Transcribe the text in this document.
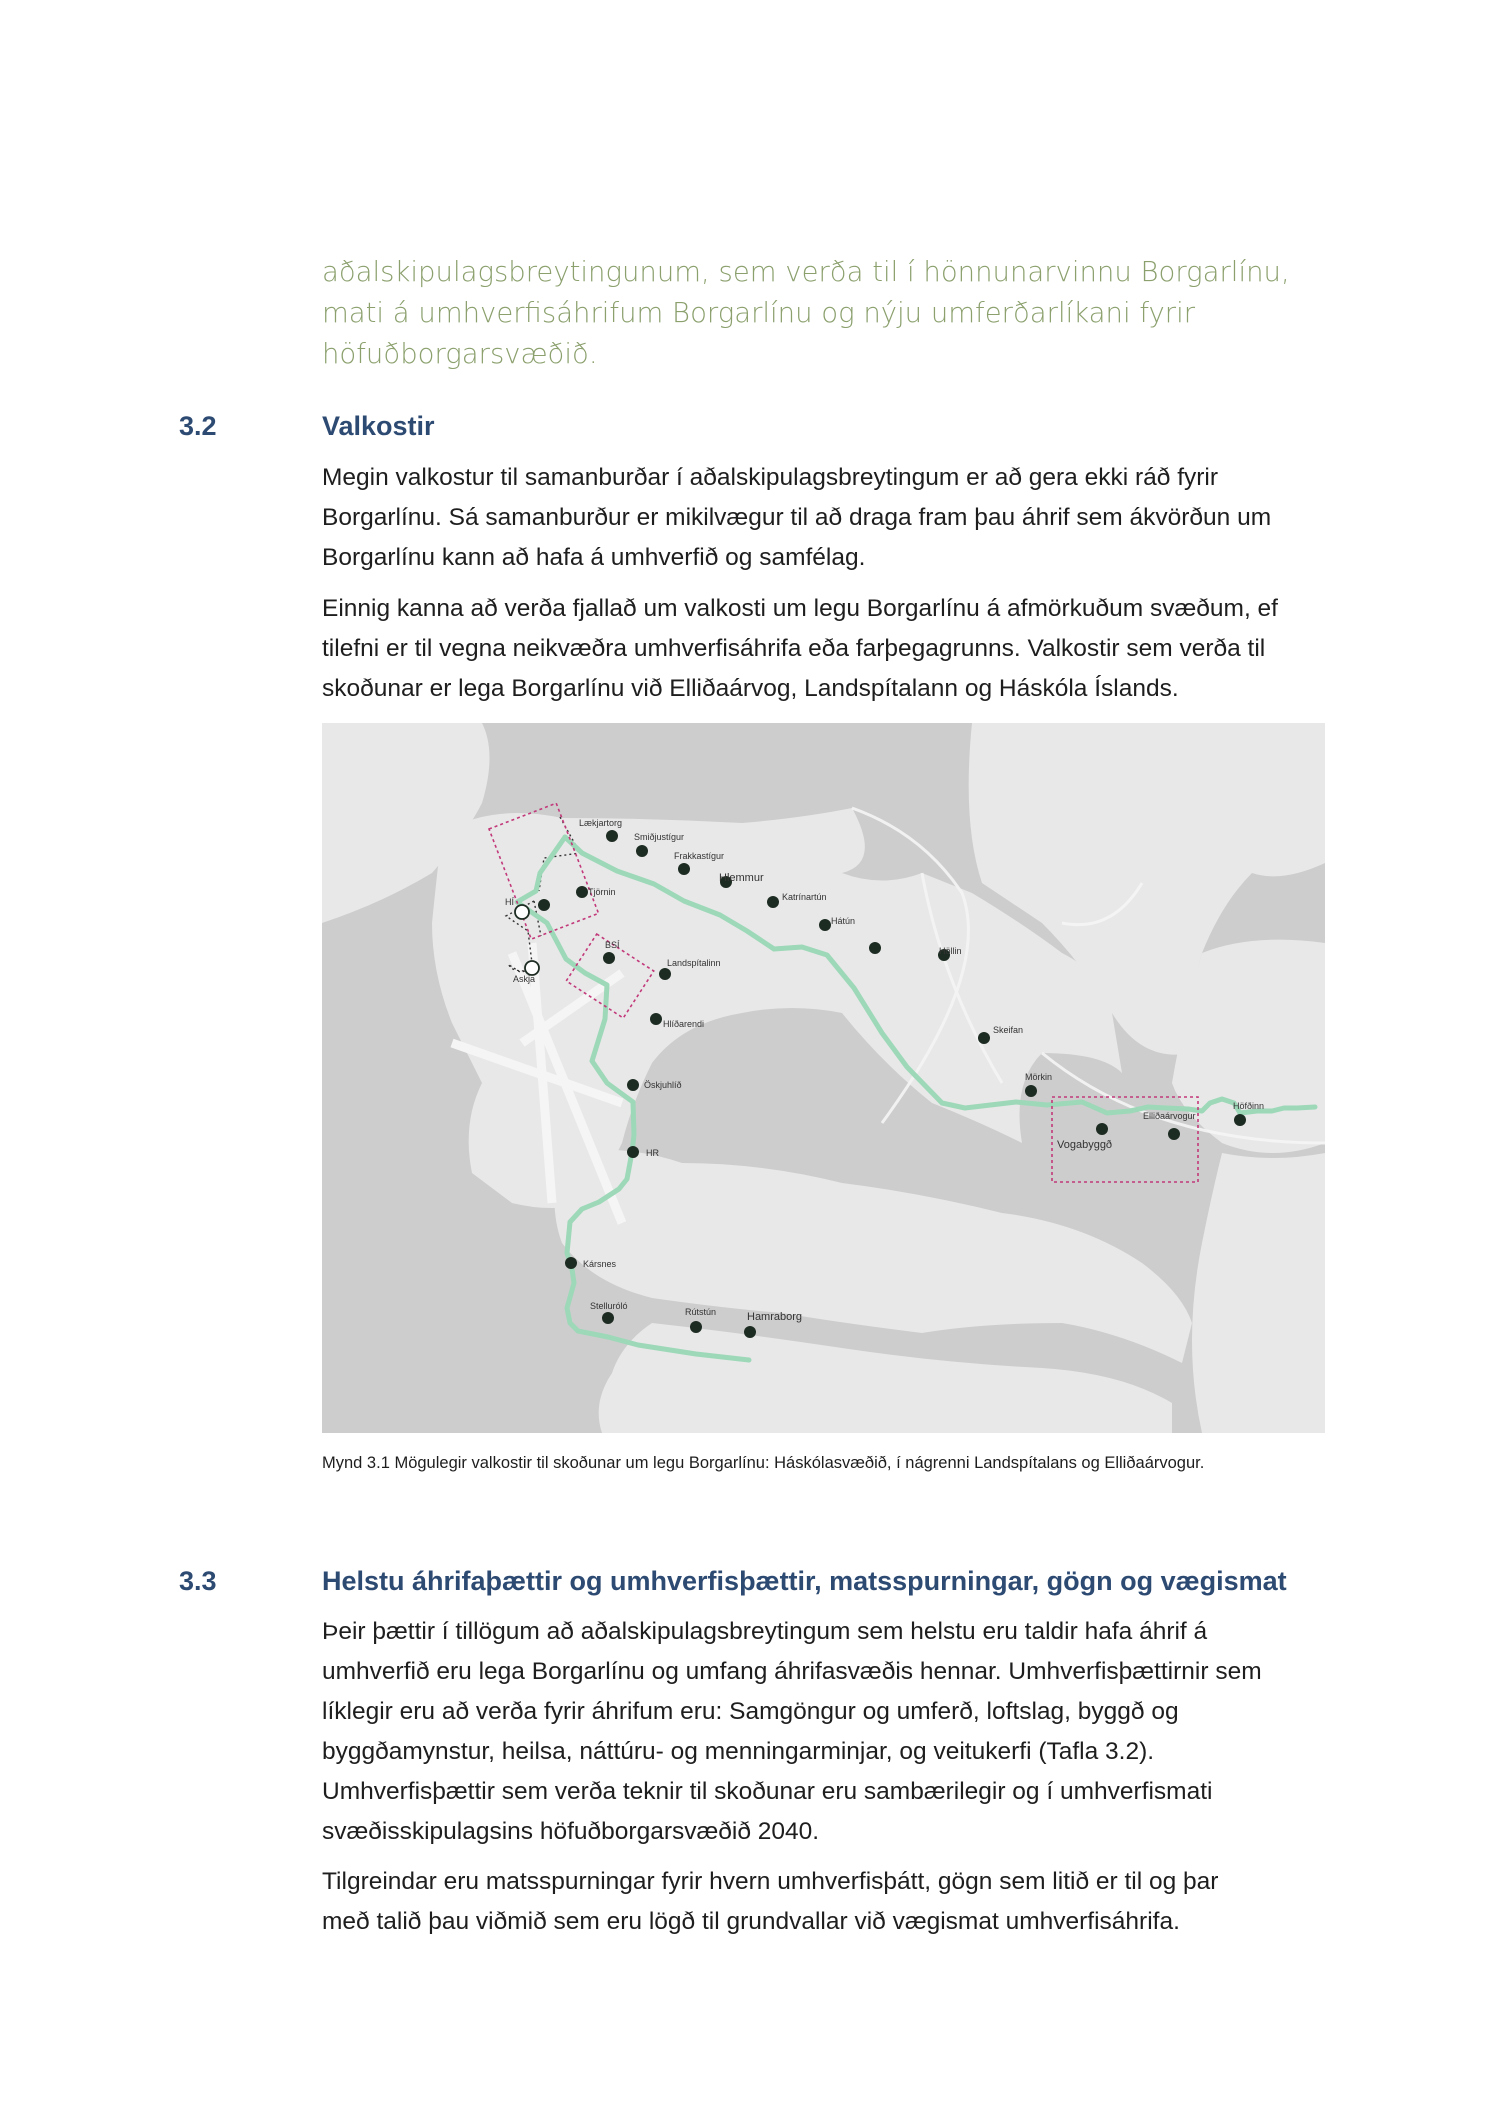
aðalskipulagsbreytingunum, sem verða til í hönnunarvinnu Borgarlínu,
mati á umhverfisáhrifum Borgarlínu og nýju umferðarlíkani fyrir
höfuðborgarsvæðið.
3.2	Valkostir
Megin valkostur til samanburðar í aðalskipulagsbreytingum er að gera ekki ráð fyrir
Borgarlínu. Sá samanburður er mikilvægur til að draga fram þau áhrif sem ákvörðun um
Borgarlínu kann að hafa á umhverfið og samfélag.
Einnig kanna að verða fjallað um valkosti um legu Borgarlínu á afmörkuðum svæðum, ef
tilefni er til vegna neikvæðra umhverfisáhrifa eða farþegagrunns. Valkostir sem verða til
skoðunar er lega Borgarlínu við Elliðaárvog, Landspítalann og Háskóla Íslands.
Lækjartorg
Smiðjustígur
Frakkastígur
Hlemmur
Katrínartún
Hátún
Höllin
Skeifan
Mörkin
Vogabyggð
Elliðaárvogur
Höfðinn
Tjörnin
HÍ
Askja
BSÍ
Landspítalinn
Hlíðarendi
Öskjuhlíð
HR
Kársnes
Stelluróló
Rútstún	Hamraborg
Mynd 3.1 Mögulegir valkostir til skoðunar um legu Borgarlínu: Háskólasvæðið, í nágrenni Landspítalans og Elliðaárvogur.
3.3	Helstu áhrifaþættir og umhverfisþættir, matsspurningar, gögn og vægismat
Þeir þættir í tillögum að aðalskipulagsbreytingum sem helstu eru taldir hafa áhrif á
umhverfið eru lega Borgarlínu og umfang áhrifasvæðis hennar. Umhverfisþættirnir sem
líklegir eru að verða fyrir áhrifum eru: Samgöngur og umferð, loftslag, byggð og
byggðamynstur, heilsa, náttúru- og menningarminjar, og veitukerfi (Tafla 3.2).
Umhverfisþættir sem verða teknir til skoðunar eru sambærilegir og í umhverfismati
svæðisskipulagsins höfuðborgarsvæðið 2040.
Tilgreindar eru matsspurningar fyrir hvern umhverfisþátt, gögn sem litið er til og þar
með talið þau viðmið sem eru lögð til grundvallar við vægismat umhverfisáhrifa.
